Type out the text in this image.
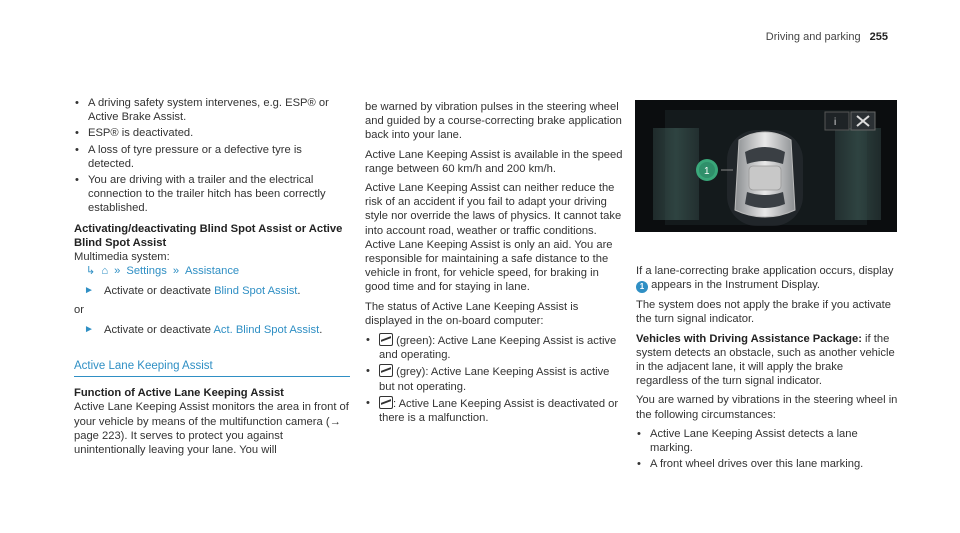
Driving and parking 255
• A driving safety system intervenes, e.g. ESP® or Active Brake Assist.
• ESP® is deactivated.
• A loss of tyre pressure or a defective tyre is detected.
• You are driving with a trailer and the electrical connection to the trailer hitch has been correctly established.
Activating/deactivating Blind Spot Assist or Active Blind Spot Assist
Multimedia system:
↳ ⌂ » Settings » Assistance
► Activate or deactivate Blind Spot Assist.
or
► Activate or deactivate Act. Blind Spot Assist.
Active Lane Keeping Assist
Function of Active Lane Keeping Assist

Active Lane Keeping Assist monitors the area in front of your vehicle by means of the multifunction camera (→ page 223). It serves to protect you against unintentionally leaving your lane. You will

be warned by vibration pulses in the steering wheel and guided by a course-correcting brake application back into your lane.

Active Lane Keeping Assist is available in the speed range between 60 km/h and 200 km/h.

Active Lane Keeping Assist can neither reduce the risk of an accident if you fail to adapt your driving style nor override the laws of physics. It cannot take into account road, weather or traffic conditions. Active Lane Keeping Assist is only an aid. You are responsible for maintaining a safe distance to the vehicle in front, for vehicle speed, for braking in good time and for staying in lane.

The status of Active Lane Keeping Assist is displayed in the on-board computer:

• (green): Active Lane Keeping Assist is active and operating.
• (grey): Active Lane Keeping Assist is active but not operating.
• : Active Lane Keeping Assist is deactivated or there is a malfunction.
i
1

If a lane-correcting brake application occurs, display 1 appears in the Instrument Display.

The system does not apply the brake if you activate the turn signal indicator.

Vehicles with Driving Assistance Package: if the system detects an obstacle, such as another vehicle in the adjacent lane, it will apply the brake regardless of the turn signal indicator.

You are warned by vibrations in the steering wheel in the following circumstances:

• Active Lane Keeping Assist detects a lane marking.
• A front wheel drives over this lane marking.
